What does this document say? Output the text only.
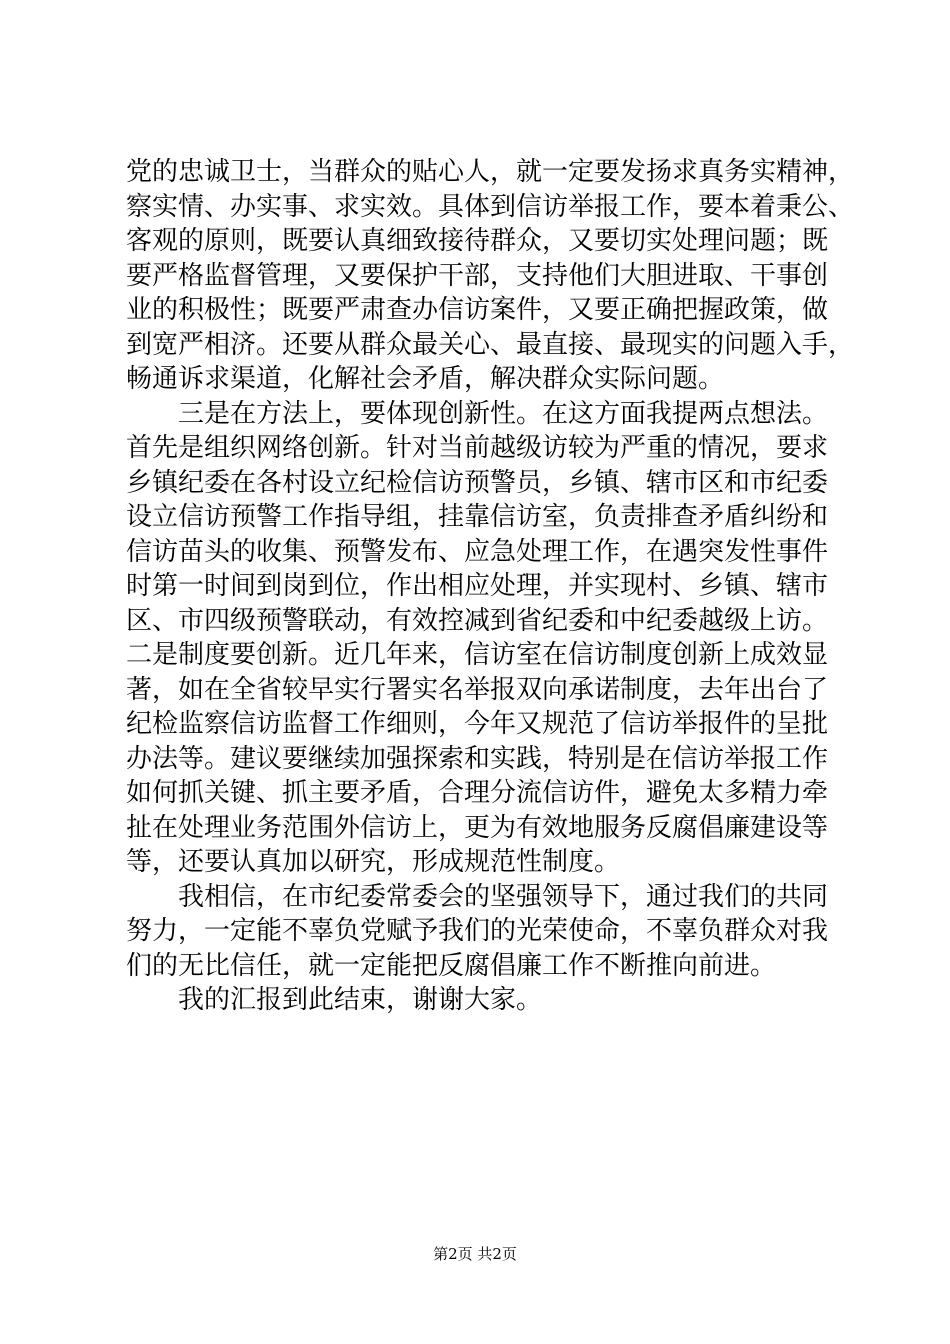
党的忠诚卫士，当群众的贴心人，就一定要发扬求真务实精神，
察实情、办实事、求实效。具体到信访举报工作，要本着秉公、
客观的原则，既要认真细致接待群众，又要切实处理问题；既
要严格监督管理，又要保护干部，支持他们大胆进取、干事创
业的积极性；既要严肃查办信访案件，又要正确把握政策，做
到宽严相济。还要从群众最关心、最直接、最现实的问题入手，
畅通诉求渠道，化解社会矛盾，解决群众实际问题。
　　三是在方法上，要体现创新性。在这方面我提两点想法。
首先是组织网络创新。针对当前越级访较为严重的情况，要求
乡镇纪委在各村设立纪检信访预警员，乡镇、辖市区和市纪委
设立信访预警工作指导组，挂靠信访室，负责排查矛盾纠纷和
信访苗头的收集、预警发布、应急处理工作，在遇突发性事件
时第一时间到岗到位，作出相应处理，并实现村、乡镇、辖市
区、市四级预警联动，有效控减到省纪委和中纪委越级上访。
二是制度要创新。近几年来，信访室在信访制度创新上成效显
著，如在全省较早实行署实名举报双向承诺制度，去年出台了
纪检监察信访监督工作细则，今年又规范了信访举报件的呈批
办法等。建议要继续加强探索和实践，特别是在信访举报工作
如何抓关键、抓主要矛盾，合理分流信访件，避免太多精力牵
扯在处理业务范围外信访上，更为有效地服务反腐倡廉建设等
等，还要认真加以研究，形成规范性制度。
　　我相信，在市纪委常委会的坚强领导下，通过我们的共同
努力，一定能不辜负党赋予我们的光荣使命，不辜负群众对我
们的无比信任，就一定能把反腐倡廉工作不断推向前进。
　　我的汇报到此结束，谢谢大家。
第2页 共2页
